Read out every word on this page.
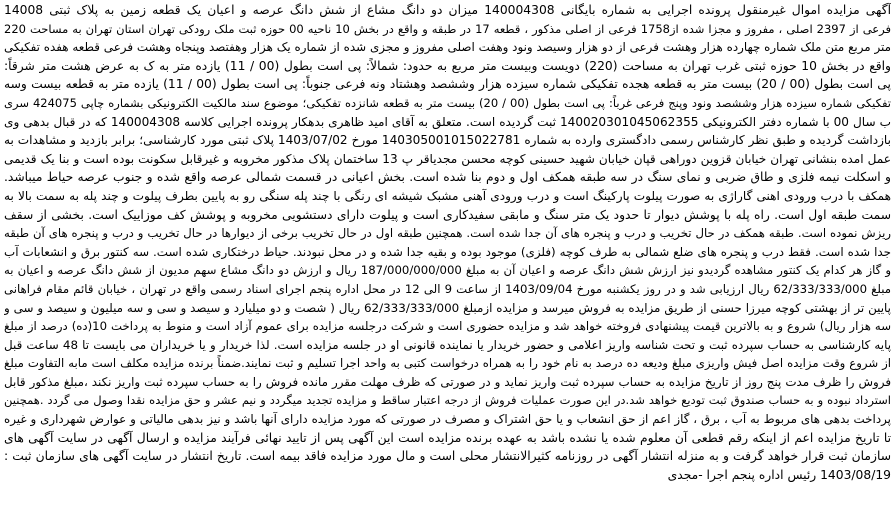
آگهی مزایده اموال غیرمنقول پرونده اجرایی به شماره بایگانی 140004308 میزان دو دانگ مشاع از شش دانگ عرصه و اعیان یک قطعه زمین به پلاک ثبتی 14008
فرعی از 2397 اصلی ، مفروز و مجزا شده از1758 فرعی از اصلی مذکور ، قطعه 17 در طبقه و واقع در بخش 10 ناحیه 00 حوزه ثبت ملک رودکی تهران استان تهران به مساحت 220
متر مربع متن ملک شماره چهارده هزار وهشت فرعی از دو هزار وسیصد ونود وهفت اصلی مفروز و مجزی شده از شماره یک هزار وهفتصد وپنجاه وهشت فرعی قطعه هفده تفکیکی
واقع در بخش 10 حوزه ثبتی غرب تهران به مساحت (220) دویست وبیست متر مربع به حدود: شمالاً: پی است بطول (00 / 11) یازده متر به ک به عرض هشت متر شرقاً:
پی است بطول (00 / 20) بیست متر به قطعه هجده تفکیکی شماره سیزده هزار وششصد وهشتاد ونه فرعی جنوباً: پی است بطول (00 / 11) یازده متر به قطعه بیست وسه
تفکیکی شماره سیزده هزار وششصد ونود وپنج فرعی غرباً: پی است بطول (00 / 20) بیست متر به قطعه شانزده تفکیکی؛ موضوع سند مالکیت الکترونیکی بشماره چاپی 424075 سری
ب سال 00 با شماره دفتر الکترونیکی 140020301045062355 ثبت گردیده است. متعلق به آقای امید ظاهری بدهکار پرونده اجرایی کلاسه 140004308 که در قبال بدهی وی
بازداشت گردیده و طبق نظر کارشناس رسمی دادگستری وارده به شماره 140305001015022781 مورخ 1403/07/02 پلاک ثبتی مورد کارشناسی؛ برابر بازدید و مشاهدات به
عمل امده بنشانی تهران خیابان قزوین دوراهی قپان خیابان شهید حسینی کوچه محسن مجدیاقر پ 13 ساختمان پلاک مذکور مخروبه و غیرقابل سکونت بوده است و بنا یک قدیمی
و اسکلت نیمه فلزی و طاق ضربی و نمای سنگ در سه طبقه همکف اول و دوم بنا شده است. بخش اعیانی در قسمت شمالی عرصه واقع شده و جنوب عرصه حیاط میباشد.
همکف با درب ورودی اهنی گاراژی به صورت پیلوت پارکینگ است و درب ورودی آهنی مشبک شیشه ای رنگی با چند پله سنگی رو به پایین بطرف پیلوت و چند پله به سمت بالا به
سمت طبقه اول است. راه پله با پوشش دیوار تا حدود یک متر سنگ و مابقی سفیدکاری است و پیلوت دارای دستشویی مخروبه و پوشش کف موزاییک است. بخشی از سقف
ریزش نموده است. طبقه همکف در حال تخریب و درب و پنجره های آن جدا شده است. همچنین طبقه اول در حال تخریب برخی از دیوارها در حال تخریب و درب و پنجره های آن طبقه
جدا شده است. فقط درب و پنجره های ضلع شمالی به طرف کوچه (فلزی) موجود بوده و بقیه جدا شده و در محل نبودند. حیاط درختکاری شده است. سه کنتور برق و انشعابات آب
و گاز هر کدام یک کنتور مشاهده گردیدو نیز ارزش شش دانگ عرصه و اعیان آن به مبلغ 187/000/000/000 ریال و ارزش دو دانگ مشاع سهم مدیون از شش دانگ عرصه و اعیان به
مبلغ 62/333/333/000 ریال ارزیابی شد و در روز یکشنبه مورخ 1403/09/04 از ساعت 9 الی 12 در محل اداره پنجم اجرای اسناد رسمی واقع در تهران ، خیابان قائم مقام فراهانی
پایین تر از بهشتی کوچه میرزا حسنی از طریق مزایده به فروش میرسد و مزایده ازمبلغ 62/333/333/000 ریال ( شصت و دو میلیارد و سیصد و سی و سه میلیون و سیصد و سی و
سه هزار ریال) شروع و به بالاترین قیمت پیشنهادی فروخته خواهد شد و مزایده حضوری است و شرکت درجلسه مزایده برای عموم آزاد است و منوط به پرداخت 10(ده) درصد از مبلغ
پایه کارشناسی به حساب سپرده ثبت و تحت شناسه واریز اعلامی و حضور خریدار یا نماینده قانونی او در جلسه مزایده است. لذا خریدار و یا خریداران می بایست تا 48 ساعت قبل
از شروع وقت مزایده اصل فیش واریزی مبلغ ودیعه ده درصد به نام خود را به همراه درخواست کتبی به واحد اجرا تسلیم و ثبت نمایند.ضمناً برنده مزایده مکلف است مابه التفاوت مبلغ
فروش را ظرف مدت پنج روز از تاریخ مزایده به حساب سپرده ثبت واریز نماید و در صورتی که ظرف مهلت مقرر مانده فروش را به حساب سپرده ثبت واریز نکند ،مبلغ مذکور قابل
استرداد نبوده و به حساب صندوق ثبت تودیع خواهد شد.در این صورت عملیات فروش از درجه اعتبار ساقط و مزایده تجدید میگردد و نیم عشر و حق مزایده نقدا وصول می گردد .همچنین
پرداخت بدهی های مربوط به آب ، برق ، گاز اعم از حق انشعاب و یا حق اشتراک و مصرف در صورتی که مورد مزایده دارای آنها باشد و نیز بدهی مالیاتی و عوارض شهرداری و غیره
تا تاریخ مزایده اعم از اینکه رقم قطعی آن معلوم شده یا نشده باشد به عهده برنده مزایده است این آگهی پس از تایید نهائی فرآیند مزایده و ارسال آگهی در سایت آگهی های
سازمان ثبت قرار خواهد گرفت و به منزله انتشار آگهی در روزنامه کثیرالانتشار محلی است و مال مورد مزایده فاقد بیمه است. تاریخ انتشار در سایت آگهی های سازمان ثبت :
1403/08/19 رئیس اداره پنجم اجرا -مجدی
